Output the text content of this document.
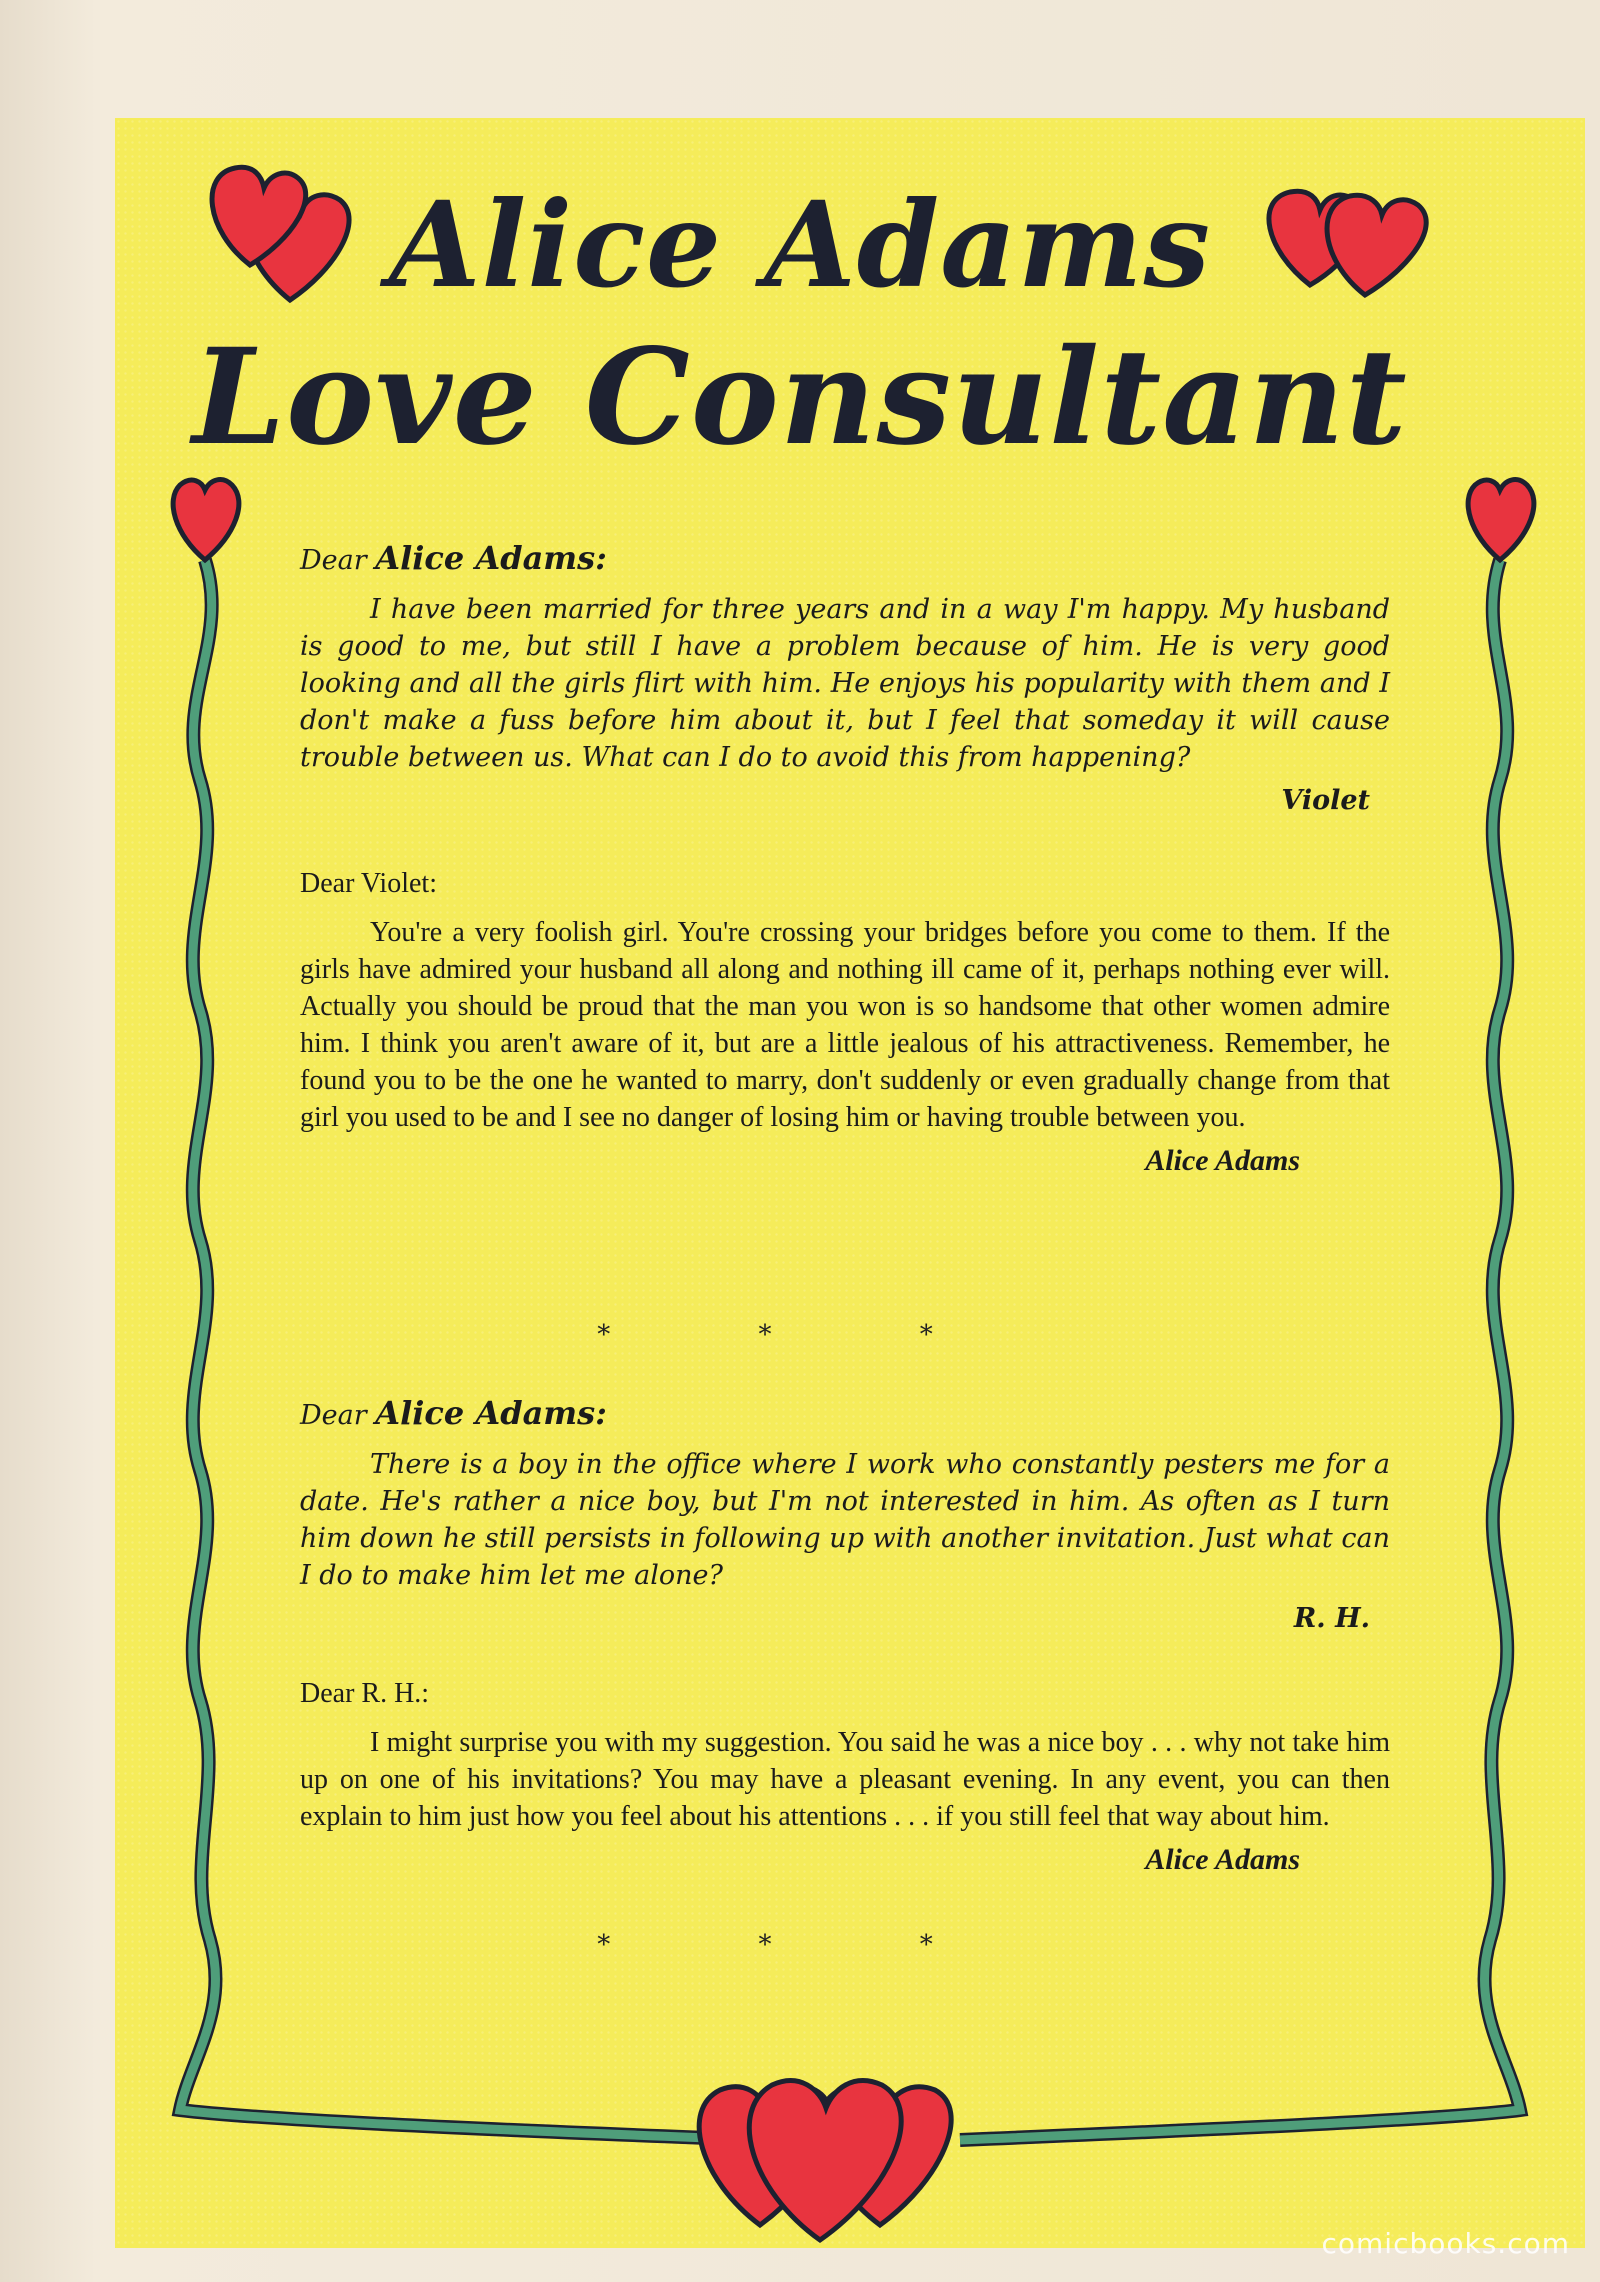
Alice Adams
Love Consultant

Dear Alice Adams:

I have been married for three years and in a way I'm happy. My husband is good to me, but still I have a problem because of him. He is very good looking and all the girls flirt with him. He enjoys his popularity with them and I don't make a fuss before him about it, but I feel that someday it will cause trouble between us. What can I do to avoid this from happening?

Violet

Dear Violet:

You're a very foolish girl. You're crossing your bridges before you come to them. If the girls have admired your husband all along and nothing ill came of it, perhaps nothing ever will. Actually you should be proud that the man you won is so handsome that other women admire him. I think you aren't aware of it, but are a little jealous of his attractiveness. Remember, he found you to be the one he wanted to marry, don't suddenly or even gradually change from that girl you used to be and I see no danger of losing him or having trouble between you.

Alice Adams

* * *

Dear Alice Adams:

There is a boy in the office where I work who constantly pesters me for a date. He's rather a nice boy, but I'm not interested in him. As often as I turn him down he still persists in following up with another invitation. Just what can I do to make him let me alone?

R. H.

Dear R. H.:

I might surprise you with my suggestion. You said he was a nice boy . . . why not take him up on one of his invitations? You may have a pleasant evening. In any event, you can then explain to him just how you feel about his attentions . . . if you still feel that way about him.

Alice Adams

* * *
comicbooks.com
